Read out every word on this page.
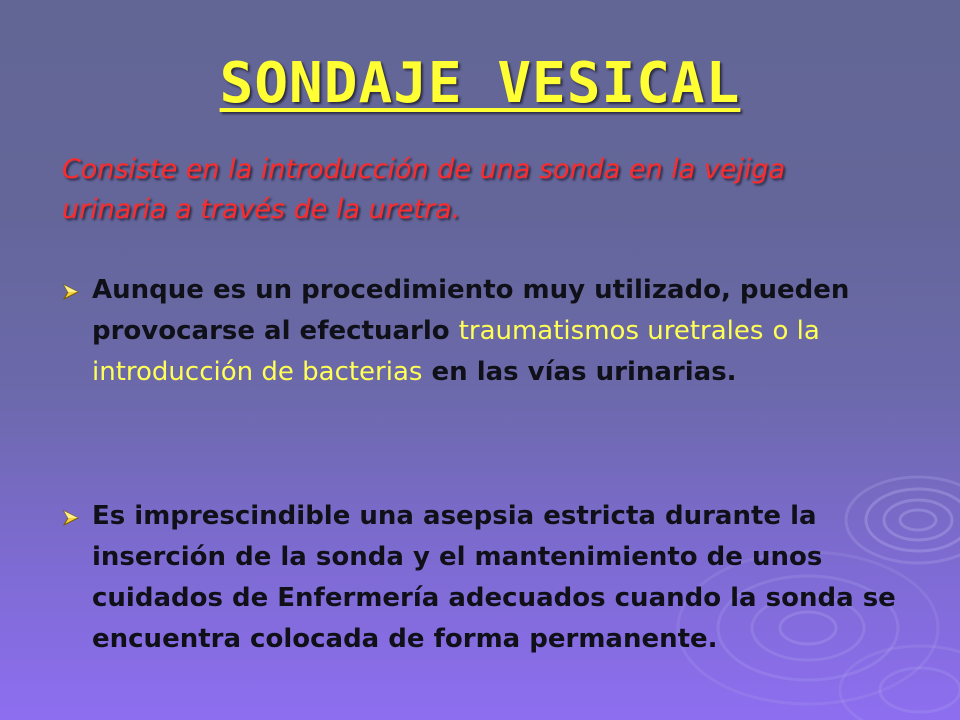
SONDAJE VESICAL
Consiste en la introducción de una sonda en la vejiga urinaria a través de la uretra.
Aunque es un procedimiento muy utilizado, pueden provocarse al efectuarlo traumatismos uretrales o la introducción de bacterias en las vías urinarias.
Es imprescindible una asepsia estricta durante la inserción de la sonda y el mantenimiento de unos cuidados de Enfermería adecuados cuando la sonda se encuentra colocada de forma permanente.
